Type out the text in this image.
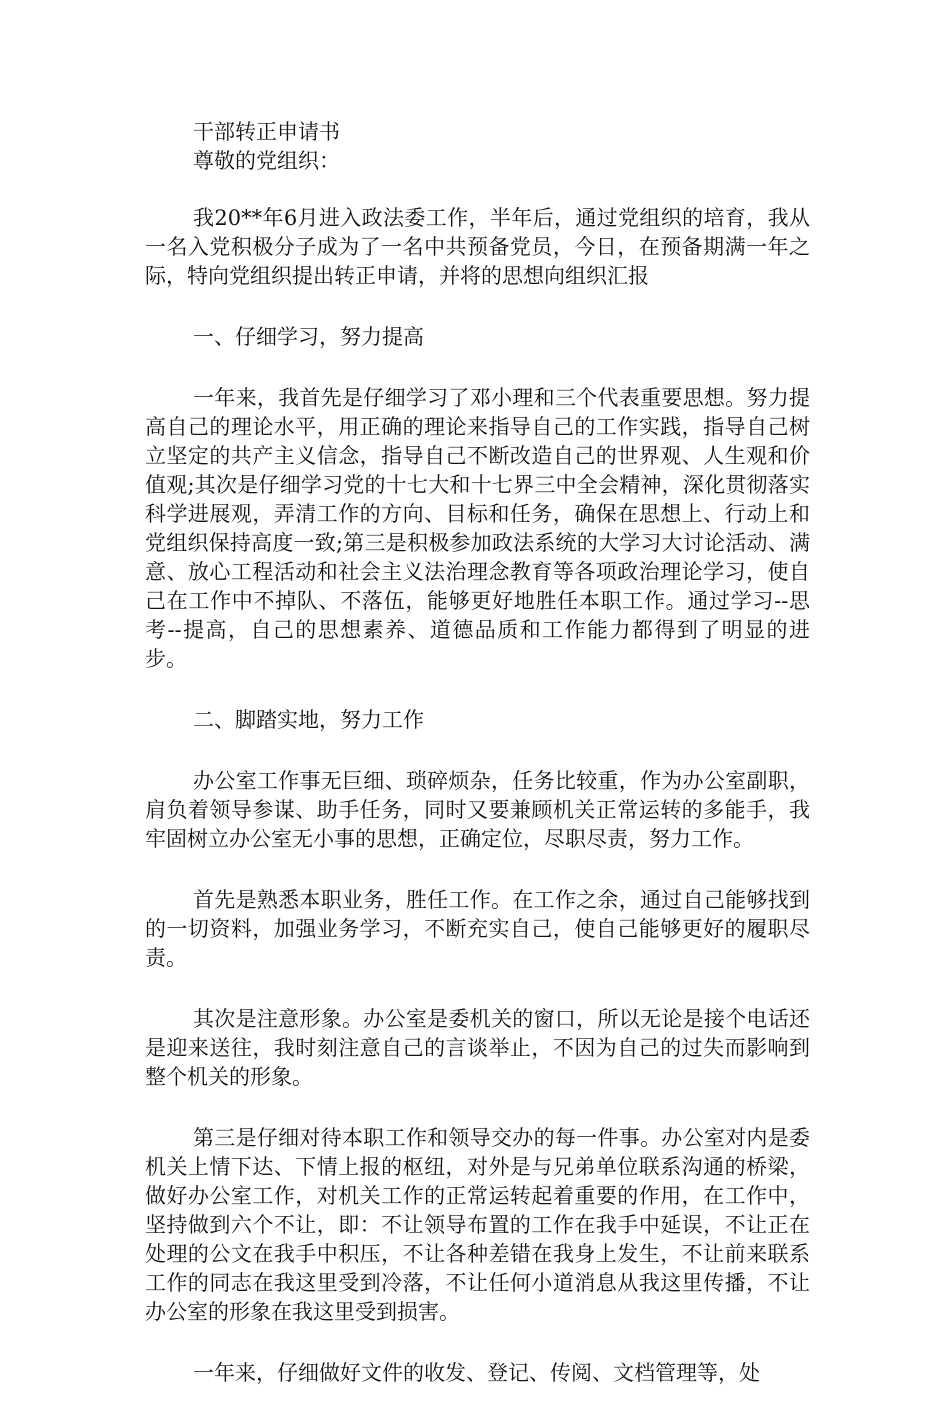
干部转正申请书

尊敬的党组织：

我20**年6月进入政法委工作，半年后，通过党组织的培育，我从一名入党积极分子成为了一名中共预备党员，今日，在预备期满一年之际，特向党组织提出转正申请，并将的思想向组织汇报

一、仔细学习，努力提高

一年来，我首先是仔细学习了邓小理和三个代表重要思想。努力提高自己的理论水平，用正确的理论来指导自己的工作实践，指导自己树立坚定的共产主义信念，指导自己不断改造自己的世界观、人生观和价值观;其次是仔细学习党的十七大和十七界三中全会精神，深化贯彻落实科学进展观，弄清工作的方向、目标和任务，确保在思想上、行动上和党组织保持高度一致;第三是积极参加政法系统的大学习大讨论活动、满意、放心工程活动和社会主义法治理念教育等各项政治理论学习，使自己在工作中不掉队、不落伍，能够更好地胜任本职工作。通过学习--思考--提高，自己的思想素养、道德品质和工作能力都得到了明显的进步。

二、脚踏实地，努力工作

办公室工作事无巨细、琐碎烦杂，任务比较重，作为办公室副职，肩负着领导参谋、助手任务，同时又要兼顾机关正常运转的多能手，我牢固树立办公室无小事的思想，正确定位，尽职尽责，努力工作。

首先是熟悉本职业务，胜任工作。在工作之余，通过自己能够找到的一切资料，加强业务学习，不断充实自己，使自己能够更好的履职尽责。

其次是注意形象。办公室是委机关的窗口，所以无论是接个电话还是迎来送往，我时刻注意自己的言谈举止，不因为自己的过失而影响到整个机关的形象。

第三是仔细对待本职工作和领导交办的每一件事。办公室对内是委机关上情下达、下情上报的枢纽，对外是与兄弟单位联系沟通的桥梁，做好办公室工作，对机关工作的正常运转起着重要的作用，在工作中，坚持做到六个不让，即：不让领导布置的工作在我手中延误，不让正在处理的公文在我手中积压，不让各种差错在我身上发生，不让前来联系工作的同志在我这里受到冷落，不让任何小道消息从我这里传播，不让办公室的形象在我这里受到损害。

一年来，仔细做好文件的收发、登记、传阅、文档管理等，处
